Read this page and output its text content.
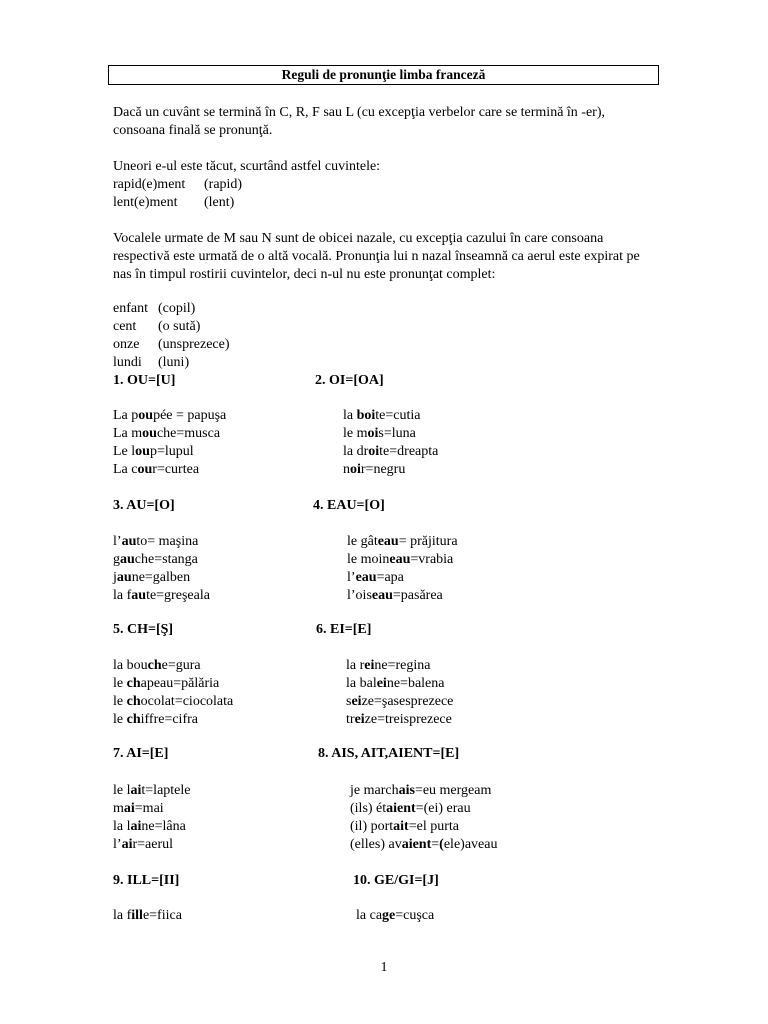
Reguli de pronunţie limba franceză
Dacă un cuvânt se termină în C, R, F sau L (cu excepţia verbelor care se termină în -er), consoana finală se pronunţă.
Uneori e-ul este tăcut, scurtând astfel cuvintele:
rapid(e)ment (rapid)
lent(e)ment (lent)
Vocalele urmate de M sau N sunt de obicei nazale, cu excepţia cazului în care consoana respectivă este urmată de o altă vocală. Pronunţia lui n nazal înseamnă ca aerul este expirat pe nas în timpul rostirii cuvintelor, deci n-ul nu este pronunţat complet:
enfant (copil)
cent (o sută)
onze (unsprezece)
lundi (luni)
1. OU=[U]
La poupée = papuşa
La mouche=musca
Le loup=lupul
La cour=curtea
2. OI=[OA]
la boite=cutia
le mois=luna
la droite=dreapta
noir=negru
3. AU=[O]
l’auto= maşina
gauche=stanga
jaune=galben
la faute=greşeala
4. EAU=[O]
le gâteau= prăjitura
le moineau=vrabia
l’eau=apa
l’oiseau=pasărea
5. CH=[Ş]
la bouche=gura
le chapeau=pălăria
le chocolat=ciocolata
le chiffre=cifra
6. EI=[E]
la reine=regina
la baleine=balena
seize=şasesprezece
treize=treisprezece
7. AI=[E]
le lait=laptele
mai=mai
la laine=lâna
l’air=aerul
8. AIS, AIT,AIENT=[E]
je marchais=eu mergeam
(ils) étaient=(ei) erau
(il) portait=el purta
(elles) avaient=(ele)aveau
9. ILL=[II]
la fille=fiica
10. GE/GI=[J]
la cage=cuşca
1
